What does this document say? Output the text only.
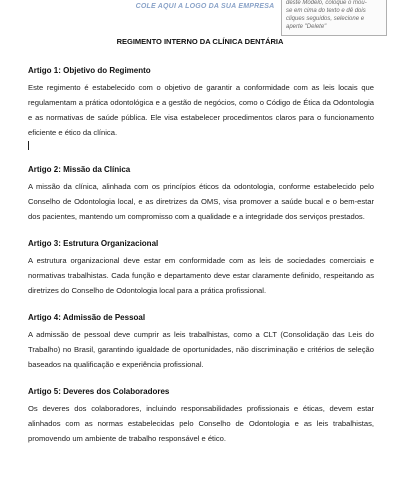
COLE AQUI A LOGO DA SUA EMPRESA	deste Modelo, coloque o mou-
se em cima do texto e dê dois
cliques seguidos, selecione e
aperte "Delete"
REGIMENTO INTERNO DA CLÍNICA DENTÁRIA
Artigo 1: Objetivo do Regimento

Este regimento é estabelecido com o objetivo de garantir a conformidade com as leis locais que regulamentam a prática odontológica e a gestão de negócios, como o Código de Ética da Odontologia e as normativas de saúde pública. Ele visa estabelecer procedimentos claros para o funcionamento eficiente e ético da clínica.

Artigo 2: Missão da Clínica

A missão da clínica, alinhada com os princípios éticos da odontologia, conforme estabelecido pelo Conselho de Odontologia local, e as diretrizes da OMS, visa promover a saúde bucal e o bem-estar dos pacientes, mantendo um compromisso com a qualidade e a integridade dos serviços prestados.

Artigo 3: Estrutura Organizacional

A estrutura organizacional deve estar em conformidade com as leis de sociedades comerciais e normativas trabalhistas. Cada função e departamento deve estar claramente definido, respeitando as diretrizes do Conselho de Odontologia local para a prática profissional.

Artigo 4: Admissão de Pessoal

A admissão de pessoal deve cumprir as leis trabalhistas, como a CLT (Consolidação das Leis do Trabalho) no Brasil, garantindo igualdade de oportunidades, não discriminação e critérios de seleção baseados na qualificação e experiência profissional.

Artigo 5: Deveres dos Colaboradores

Os deveres dos colaboradores, incluindo responsabilidades profissionais e éticas, devem estar alinhados com as normas estabelecidas pelo Conselho de Odontologia e as leis trabalhistas, promovendo um ambiente de trabalho responsável e ético.
